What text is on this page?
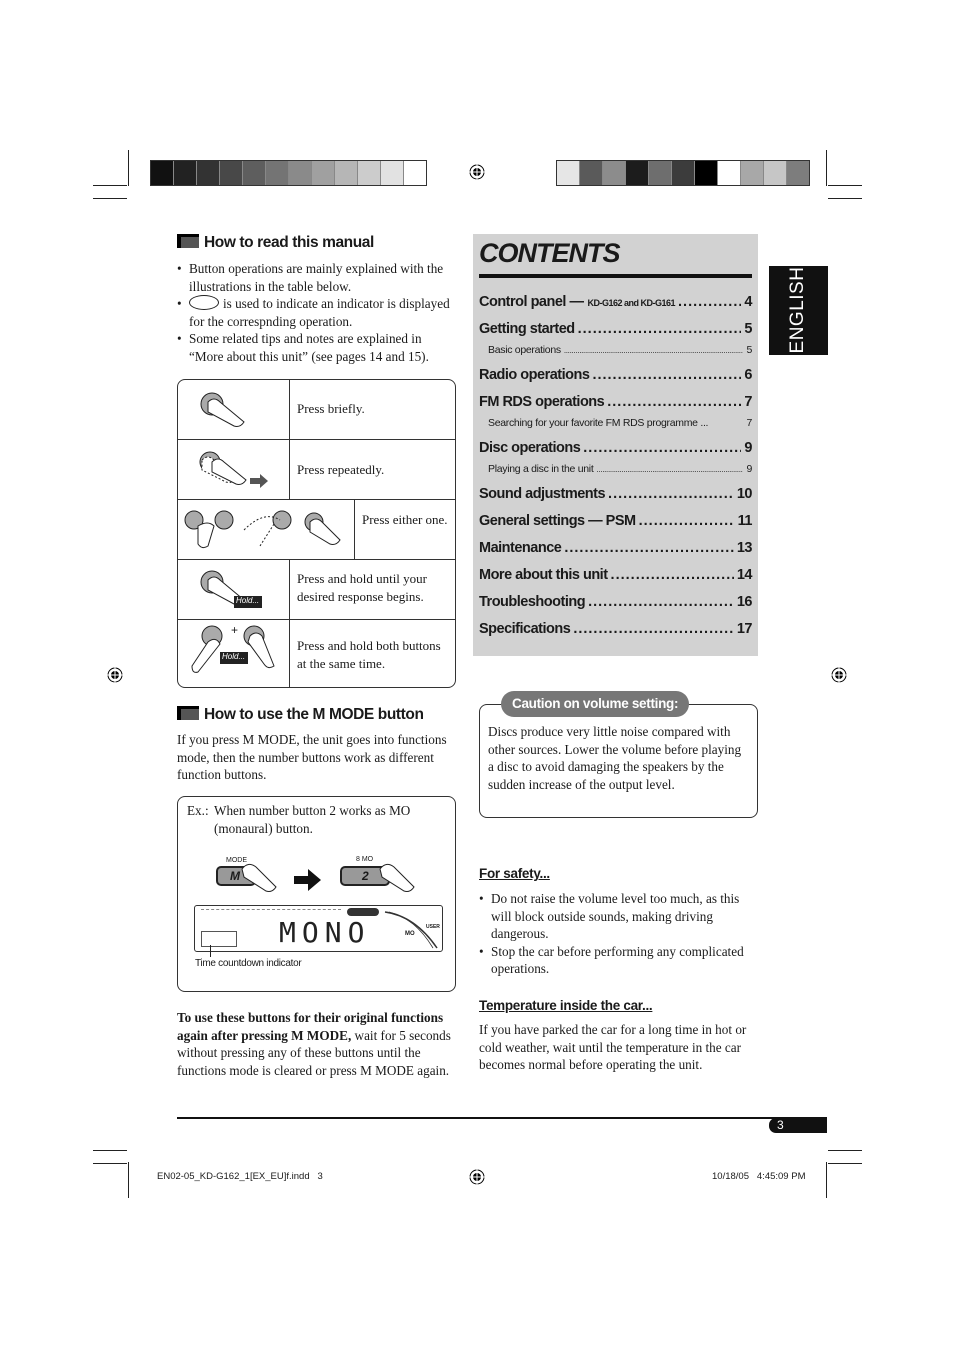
ENGLISH
How to read this manual
• Button operations are mainly explained with the illustrations in the table below.
• is used to indicate an indicator is displayed for the correspnding operation.
• Some related tips and notes are explained in “More about this unit” (see pages 14 and 15).
Press briefly.
Press repeatedly.
Press either one.
Hold...
Press and hold until your desired response begins.
+
Hold...
Press and hold both buttons at the same time.
How to use the M MODE button
If you press M MODE, the unit goes into functions mode, then the number buttons work as different function buttons.
Ex.: When number button 2 works as MO (monaural) button.
MODE
M
8 MO
2
MONO	MO
USER
Time countdown indicator
To use these buttons for their original functions again after pressing M MODE, wait for 5 seconds without pressing any of these buttons until the functions mode is cleared or press M MODE again.
CONTENTS
Control panel — KD-G162 and KD-G161 .....	4
Getting started .....	5
Basic operations .....	5
Radio operations .....	6
FM RDS operations .....	7
Searching for your favorite FM RDS programme ...	7
Disc operations .....	9
Playing a disc in the unit .....	9
Sound adjustments .....	10
General settings — PSM .....	11
Maintenance .....	13
More about this unit .....	14
Troubleshooting .....	16
Specifications .....	17
Discs produce very little noise compared with other sources. Lower the volume before playing a disc to avoid damaging the speakers by the sudden increase of the output level.
Caution on volume setting:
For safety...
• Do not raise the volume level too much, as this will block outside sounds, making driving dangerous.
• Stop the car before performing any complicated operations.
Temperature inside the car...
If you have parked the car for a long time in hot or cold weather, wait until the temperature in the car becomes normal before operating the unit.
3
EN02-05_KD-G162_1[EX_EU]f.indd   3	10/18/05   4:45:09 PM
